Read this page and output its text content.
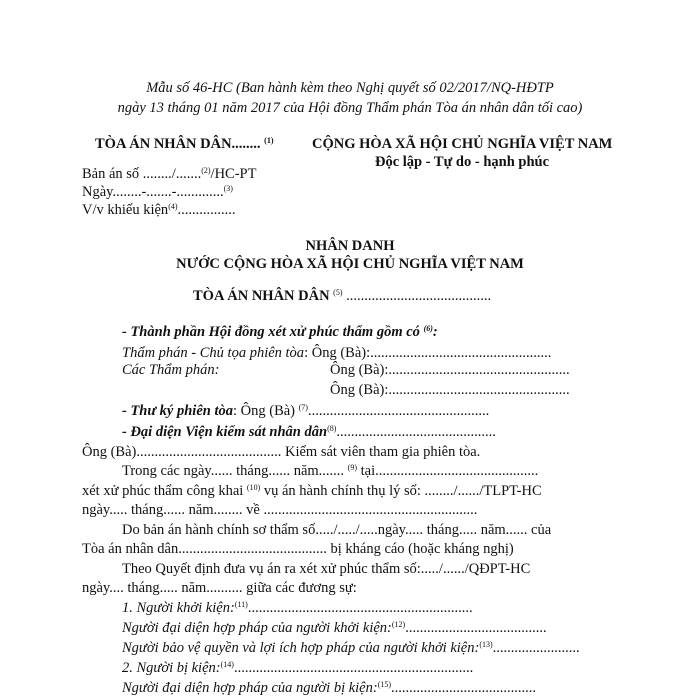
Mẫu số 46-HC (Ban hành kèm theo Nghị quyết số 02/2017/NQ-HĐTP
ngày 13 tháng 01 năm 2017 của Hội đồng Thẩm phán Tòa án nhân dân tối cao)
TÒA ÁN NHÂN DÂN........ $^{(1)}$
Bản án số ......../.......$^{(2)}$/HC-PT
Ngày........-.......-.............$^{(3)}$
V/v khiếu kiện$^{(4)}$................
CỘNG HÒA XÃ HỘI CHỦ NGHĨA VIỆT NAM
Độc lập - Tự do - hạnh phúc
NHÂN DANH
NƯỚC CỘNG HÒA XÃ HỘI CHỦ NGHĨA VIỆT NAM
TÒA ÁN NHÂN DÂN $^{(5)}$ ........................................
- Thành phần Hội đồng xét xử phúc thẩm gồm có $^{(6)}$:
Thẩm phán - Chủ tọa phiên tòa: Ông (Bà):..................................................
Các Thẩm phán:	Ông (Bà):..................................................
Ông (Bà):..................................................
- Thư ký phiên tòa: Ông (Bà) $^{(7)}$..................................................
- Đại diện Viện kiểm sát nhân dân$^{(8)}$............................................
Ông (Bà)........................................ Kiểm sát viên tham gia phiên tòa.
Trong các ngày...... tháng...... năm....... $^{(9)}$ tại.............................................
xét xử phúc thẩm công khai $^{(10)}$ vụ án hành chính thụ lý số: ......../....../TLPT-HC
ngày..... tháng...... năm........ về ...........................................................
Do bản án hành chính sơ thẩm số...../...../.....ngày..... tháng..... năm...... của
Tòa án nhân dân......................................... bị kháng cáo (hoặc kháng nghị)
Theo Quyết định đưa vụ án ra xét xử phúc thẩm số:...../....../QĐPT-HC
ngày.... tháng..... năm.......... giữa các đương sự:
1. Người khởi kiện:$^{(11)}$..............................................................
Người đại diện hợp pháp của người khởi kiện:$^{(12)}$.......................................
Người bảo vệ quyền và lợi ích hợp pháp của người khởi kiện:$^{(13)}$........................
2. Người bị kiện:$^{(14)}$..................................................................
Người đại diện hợp pháp của người bị kiện:$^{(15)}$........................................
